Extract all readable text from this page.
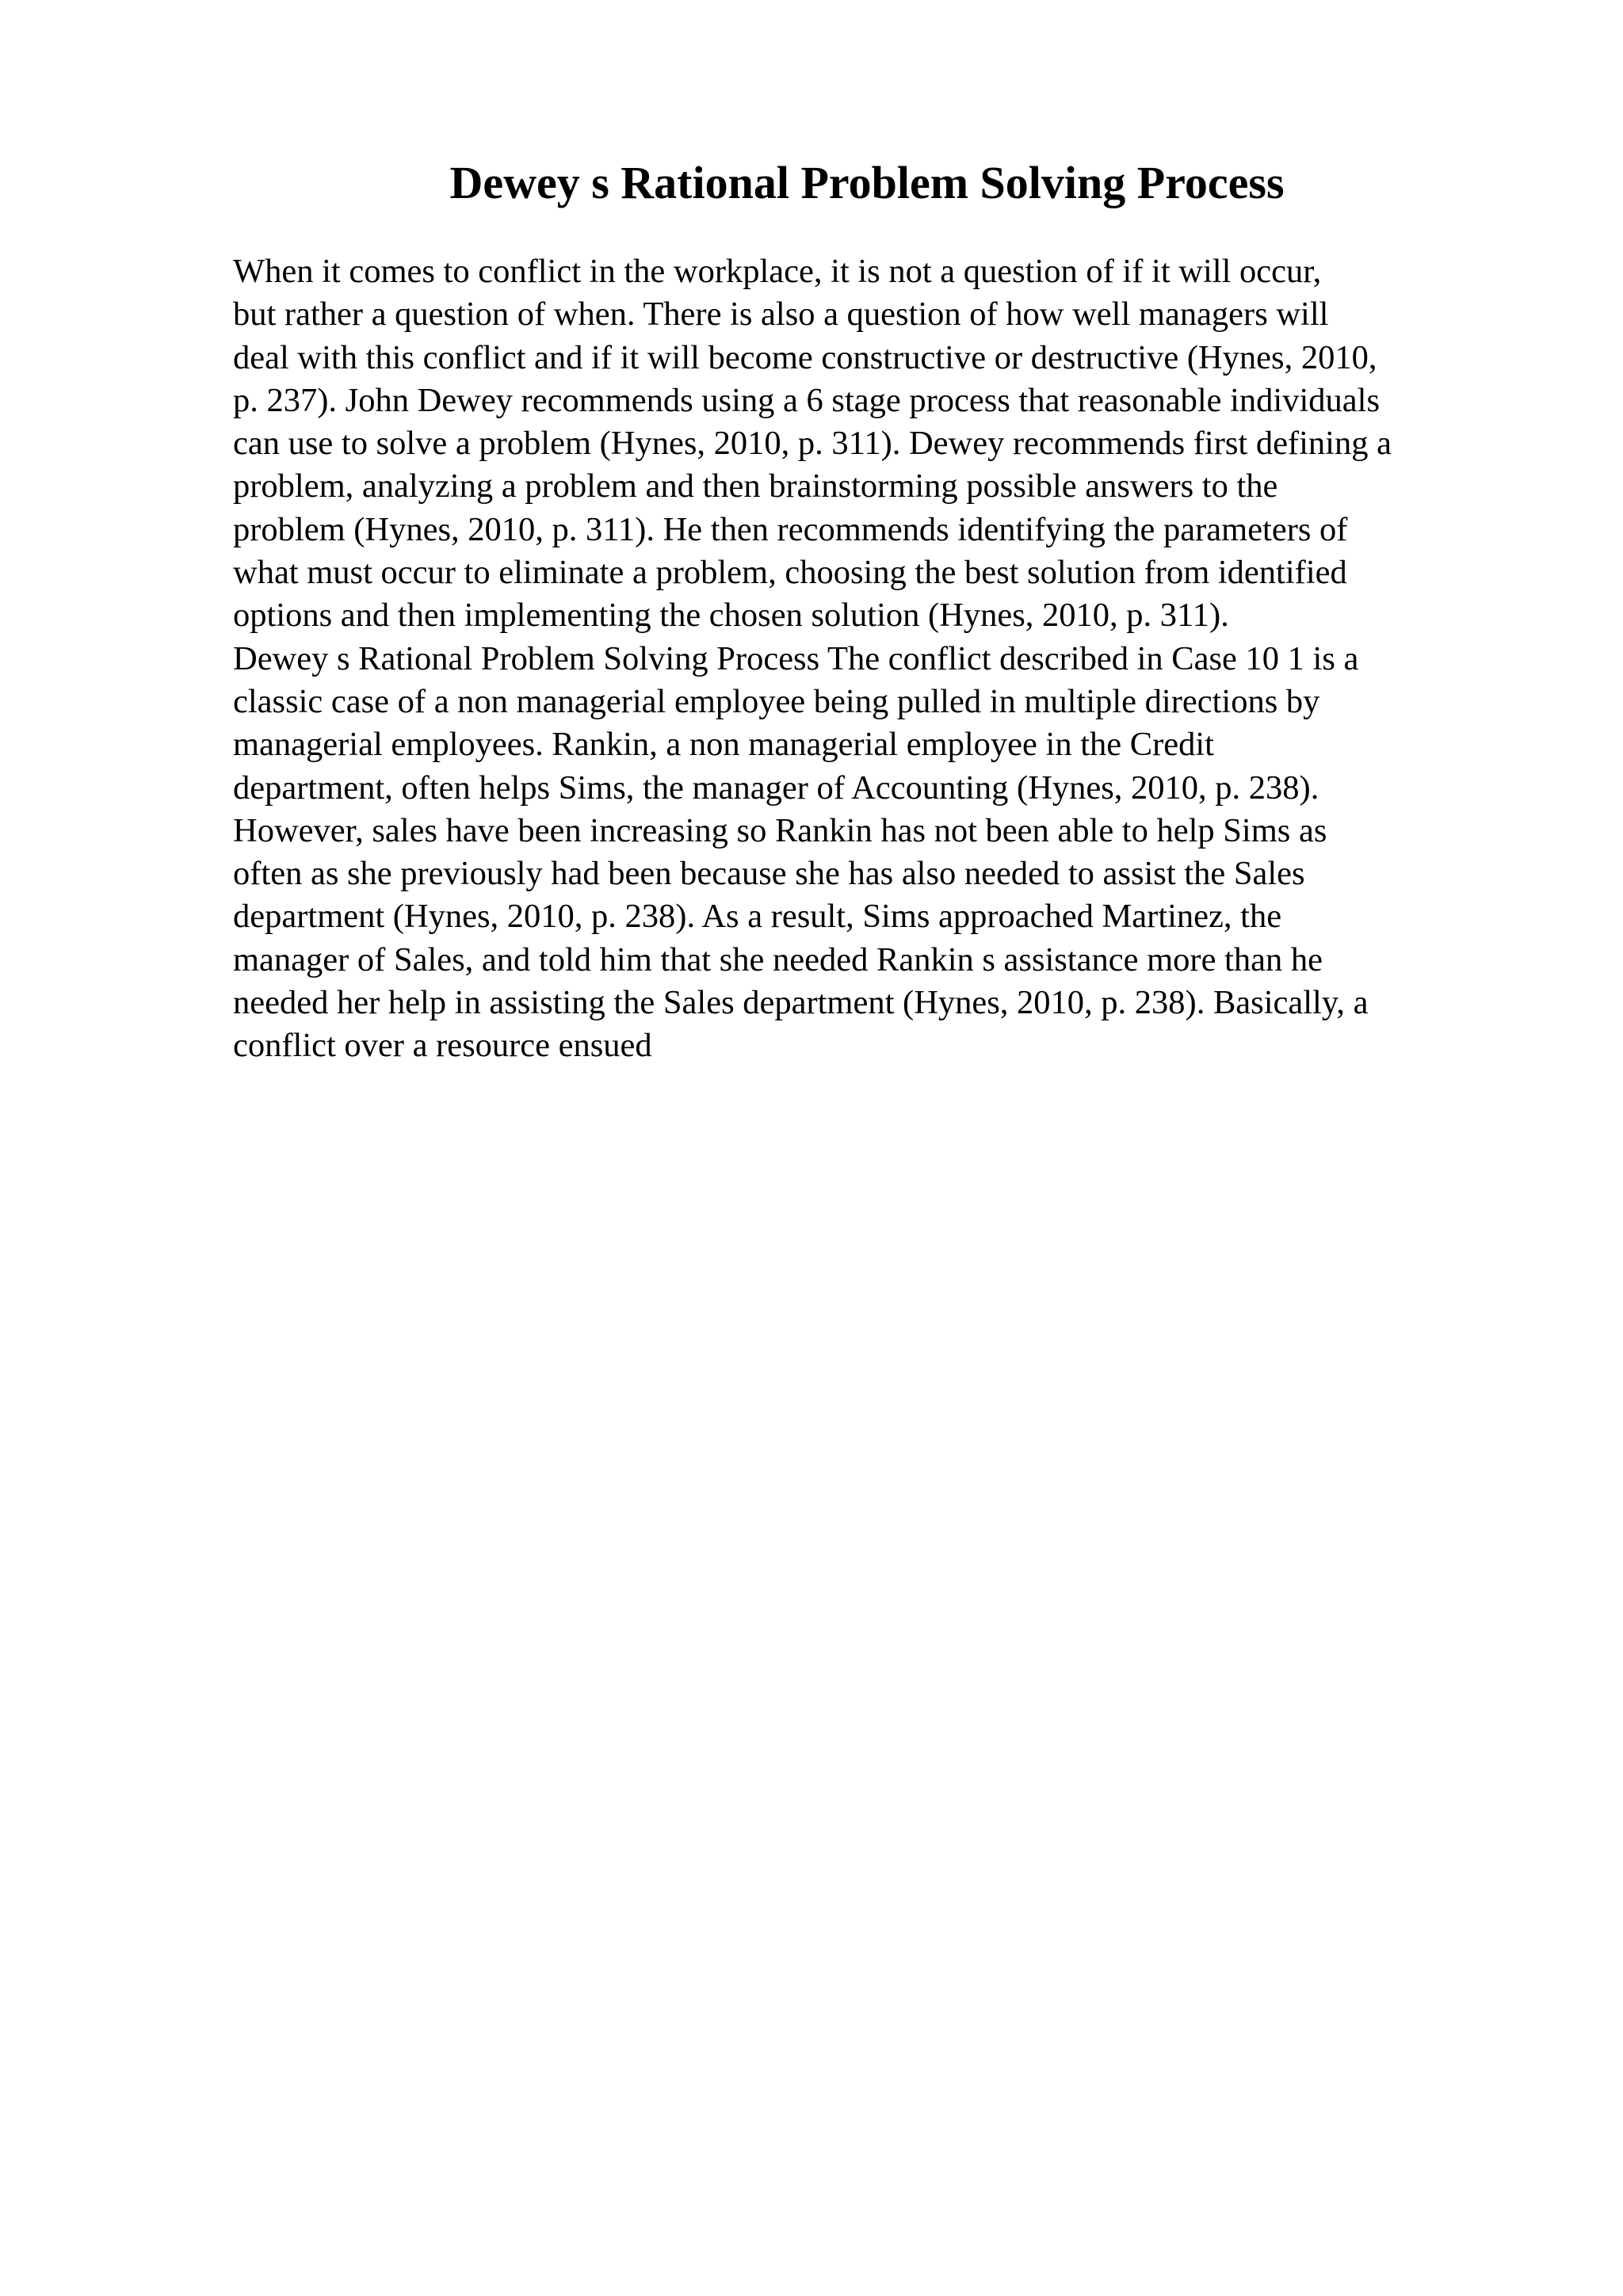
Dewey s Rational Problem Solving Process
When it comes to conflict in the workplace, it is not a question of if it will occur,
but rather a question of when. There is also a question of how well managers will
deal with this conflict and if it will become constructive or destructive (Hynes, 2010,
p. 237). John Dewey recommends using a 6 stage process that reasonable individuals
can use to solve a problem (Hynes, 2010, p. 311). Dewey recommends first defining a
problem, analyzing a problem and then brainstorming possible answers to the
problem (Hynes, 2010, p. 311). He then recommends identifying the parameters of
what must occur to eliminate a problem, choosing the best solution from identified
options and then implementing the chosen solution (Hynes, 2010, p. 311).
Dewey s Rational Problem Solving Process The conflict described in Case 10 1 is a
classic case of a non managerial employee being pulled in multiple directions by
managerial employees. Rankin, a non managerial employee in the Credit
department, often helps Sims, the manager of Accounting (Hynes, 2010, p. 238).
However, sales have been increasing so Rankin has not been able to help Sims as
often as she previously had been because she has also needed to assist the Sales
department (Hynes, 2010, p. 238). As a result, Sims approached Martinez, the
manager of Sales, and told him that she needed Rankin s assistance more than he
needed her help in assisting the Sales department (Hynes, 2010, p. 238). Basically, a
conflict over a resource ensued
